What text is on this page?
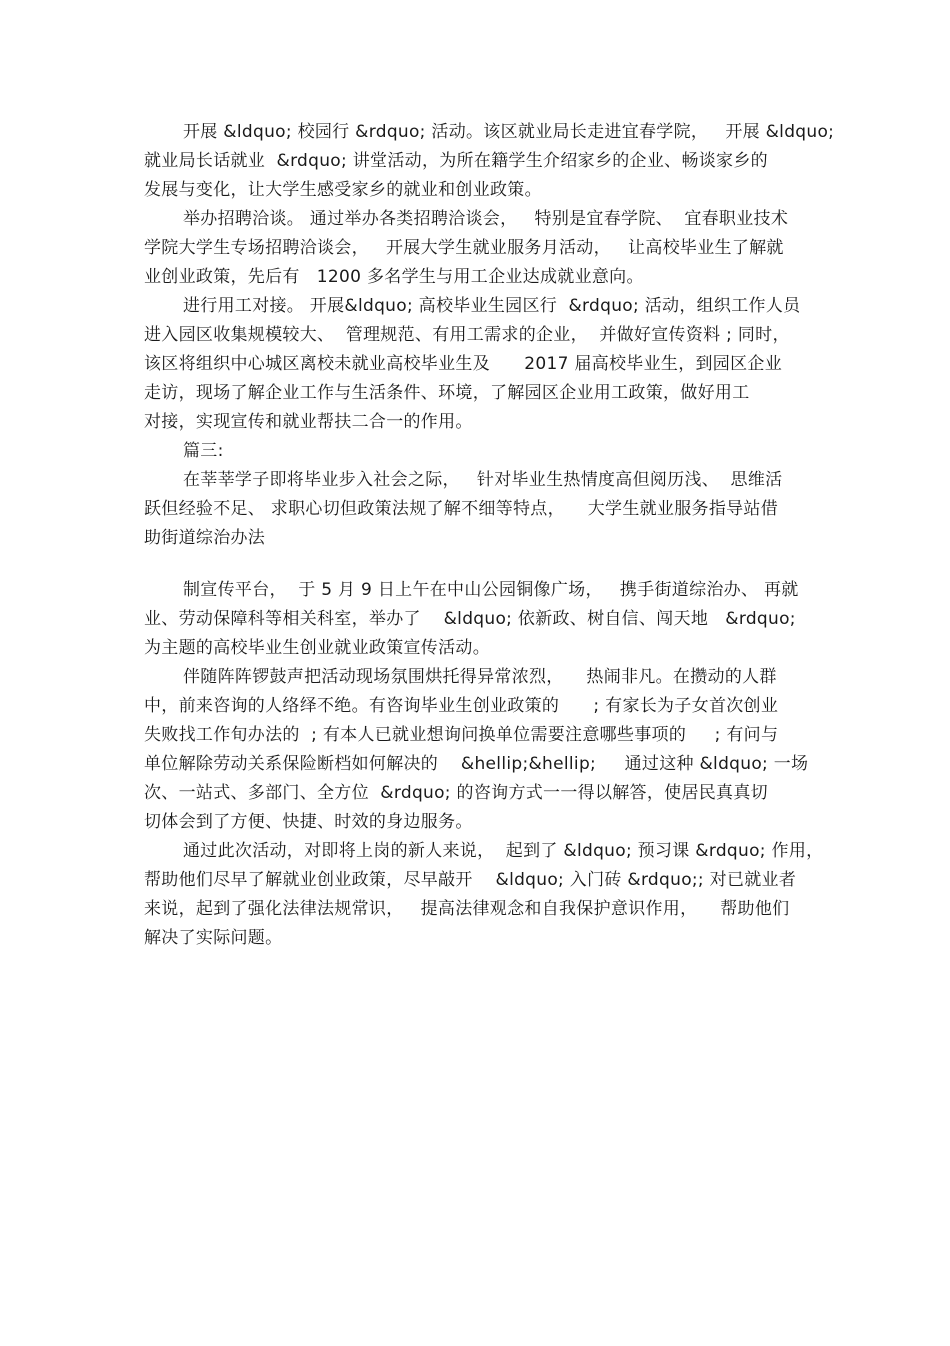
开展 &ldquo; 校园行 &rdquo; 活动。该区就业局长走进宜春学院，   开展 &ldquo;
就业局长话就业  &rdquo; 讲堂活动，为所在籍学生介绍家乡的企业、畅谈家乡的
发展与变化，让大学生感受家乡的就业和创业政策。
举办招聘洽谈。 通过举办各类招聘洽谈会，   特别是宜春学院、  宜春职业技术
学院大学生专场招聘洽谈会，   开展大学生就业服务月活动，   让高校毕业生了解就
业创业政策，先后有   1200 多名学生与用工企业达成就业意向。
进行用工对接。 开展&ldquo; 高校毕业生园区行  &rdquo; 活动，组织工作人员
进入园区收集规模较大、  管理规范、有用工需求的企业，  并做好宣传资料 ; 同时，
该区将组织中心城区离校未就业高校毕业生及      2017 届高校毕业生，到园区企业
走访，现场了解企业工作与生活条件、环境，了解园区企业用工政策，做好用工
对接，实现宣传和就业帮扶二合一的作用。
篇三:
在莘莘学子即将毕业步入社会之际，   针对毕业生热情度高但阅历浅、  思维活
跃但经验不足、 求职心切但政策法规了解不细等特点，    大学生就业服务指导站借
助街道综治办法
制宣传平台，  于 5 月 9 日上午在中山公园铜像广场，   携手街道综治办、 再就
业、劳动保障科等相关科室，举办了    &ldquo; 依新政、树自信、闯天地   &rdquo;
为主题的高校毕业生创业就业政策宣传活动。
伴随阵阵锣鼓声把活动现场氛围烘托得异常浓烈，    热闹非凡。在攒动的人群
中，前来咨询的人络绎不绝。有咨询毕业生创业政策的      ; 有家长为子女首次创业
失败找工作旬办法的  ; 有本人已就业想询问换单位需要注意哪些事项的     ; 有问与
单位解除劳动关系保险断档如何解决的    &hellip;&hellip;     通过这种 &ldquo; 一场
次、一站式、多部门、全方位  &rdquo; 的咨询方式一一得以解答，使居民真真切
切体会到了方便、快捷、时效的身边服务。
通过此次活动，对即将上岗的新人来说，  起到了 &ldquo; 预习课 &rdquo; 作用，
帮助他们尽早了解就业创业政策，尽早敲开    &ldquo; 入门砖 &rdquo;; 对已就业者
来说，起到了强化法律法规常识，   提高法律观念和自我保护意识作用，    帮助他们
解决了实际问题。
